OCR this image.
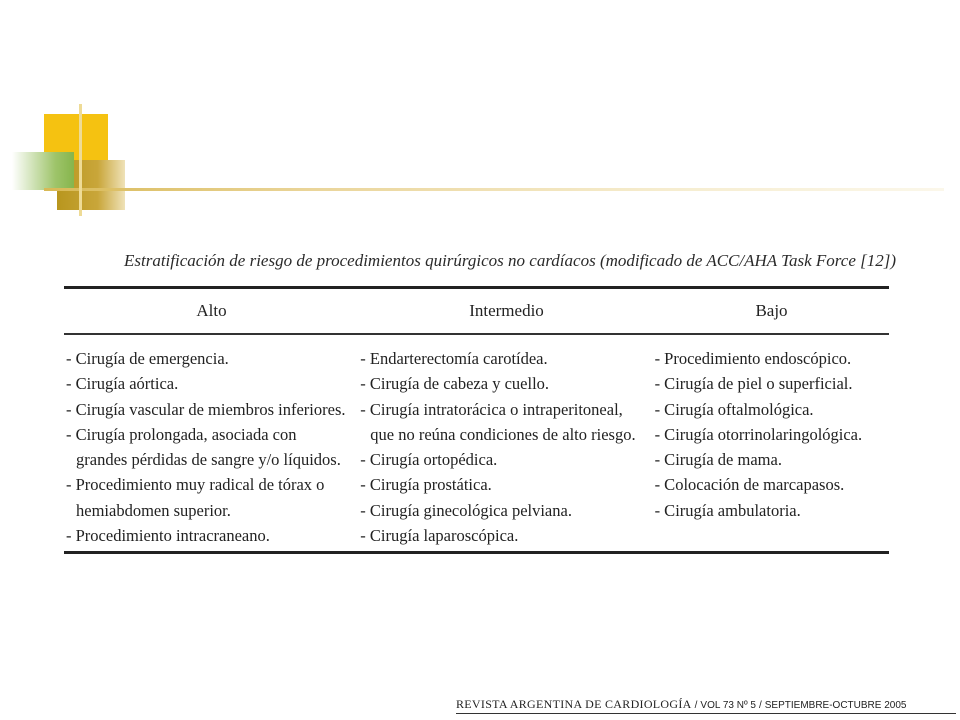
Estratificación de riesgo de procedimientos quirúrgicos no cardíacos (modificado de ACC/AHA Task Force [12])
Alto	Intermedio	Bajo
- Cirugía de emergencia.
- Cirugía aórtica.
- Cirugía vascular de miembros inferiores.
- Cirugía prolongada, asociada con
grandes pérdidas de sangre y/o líquidos.
- Procedimiento muy radical de tórax o
hemiabdomen superior.
- Procedimiento intracraneano.
- Endarterectomía carotídea.
- Cirugía de cabeza y cuello.
- Cirugía intratorácica o intraperitoneal,
que no reúna condiciones de alto riesgo.
- Cirugía ortopédica.
- Cirugía prostática.
- Cirugía ginecológica pelviana.
- Cirugía laparoscópica.
- Procedimiento endoscópico.
- Cirugía de piel o superficial.
- Cirugía oftalmológica.
- Cirugía otorrinolaringológica.
- Cirugía de mama.
- Colocación de marcapasos.
- Cirugía ambulatoria.
REVISTA ARGENTINA DE CARDIOLOGÍA / VOL 73 Nº 5 / SEPTIEMBRE-OCTUBRE 2005
